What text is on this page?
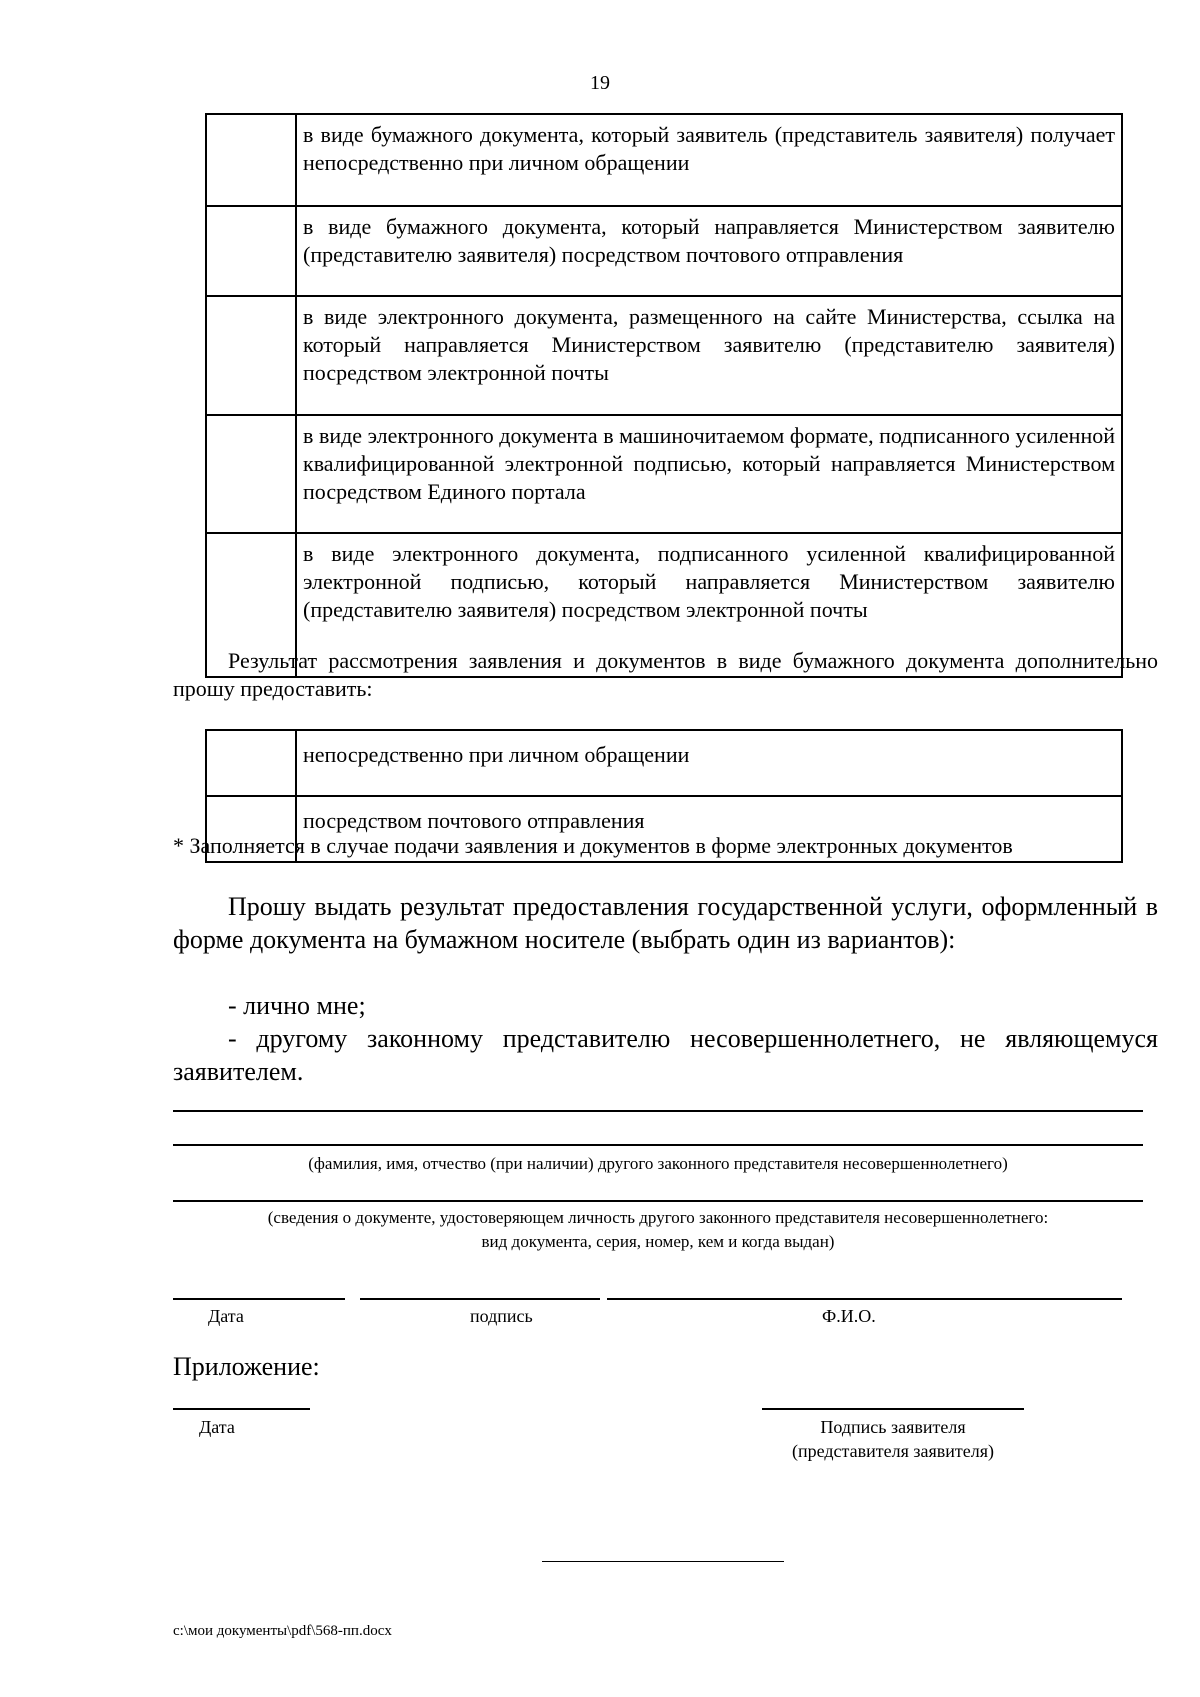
19
	в виде бумажного документа, который заявитель (представитель заявителя) получает непосредственно при личном обращении
	в виде бумажного документа, который направляется Министерством заявителю (представителю заявителя) посредством почтового отправления
	в виде электронного документа, размещенного на сайте Министерства, ссылка на который направляется Министерством заявителю (представителю заявителя) посредством электронной почты
	в виде электронного документа в машиночитаемом формате, подписанного усиленной квалифицированной электронной подписью, который направляется Министерством посредством Единого портала
	в виде электронного документа, подписанного усиленной квалифицированной электронной подписью, который направляется Министерством заявителю (представителю заявителя) посредством электронной почты
Результат рассмотрения заявления и документов в виде бумажного документа дополнительно прошу предоставить:
	непосредственно при личном обращении
	посредством почтового отправления
* Заполняется в случае подачи заявления и документов в форме электронных документов
Прошу выдать результат предоставления государственной услуги, оформленный в форме документа на бумажном носителе (выбрать один из вариантов):
- лично мне;
- другому законному представителю несовершеннолетнего, не являющемуся
заявителем.
(фамилия, имя, отчество (при наличии) другого законного представителя несовершеннолетнего)
(сведения о документе, удостоверяющем личность другого законного представителя несовершеннолетнего:
вид документа, серия, номер, кем и когда выдан)
Дата	подпись	Ф.И.О.
Приложение:
Дата	Подпись заявителя
(представителя заявителя)
c:\мои документы\pdf\568-пп.docx
